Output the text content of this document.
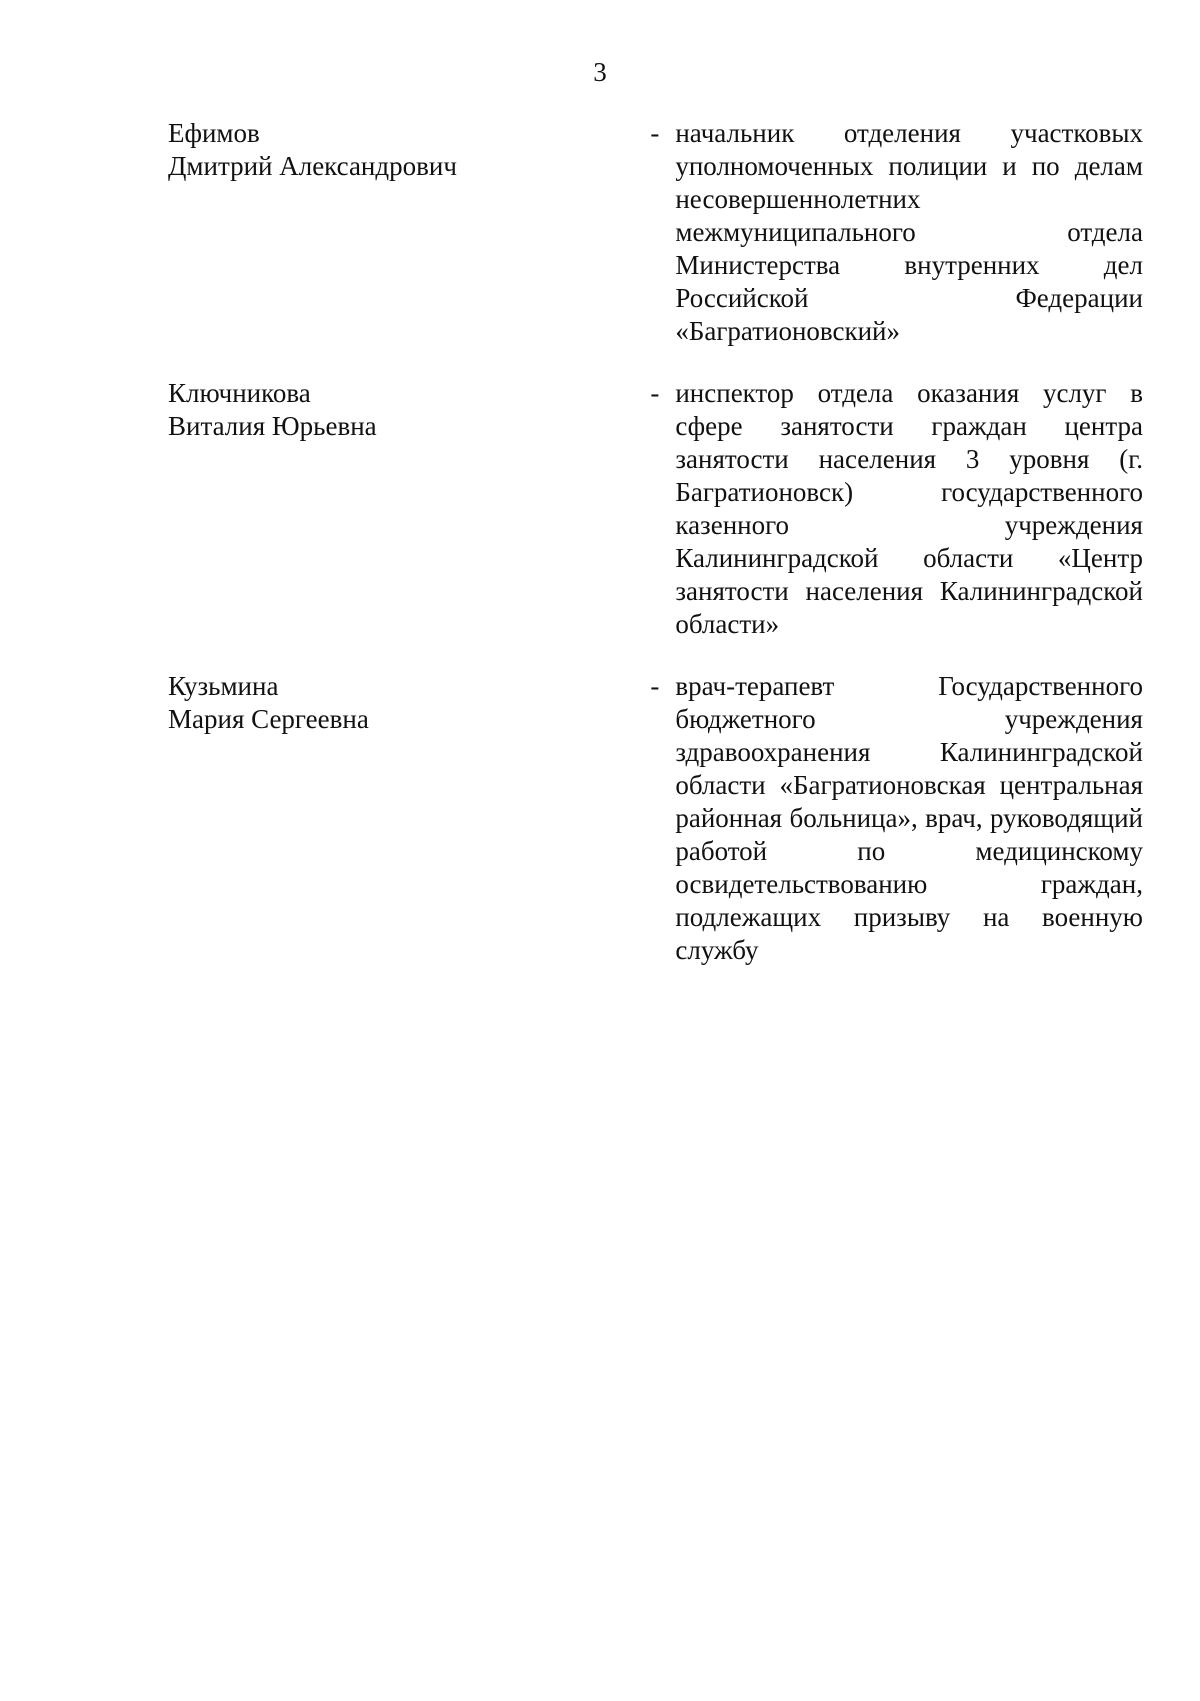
3
Ефимов
Дмитрий Александрович
- начальник отделения участковых уполномоченных полиции и по делам несовершеннолетних межмуниципального отдела Министерства внутренних дел Российской Федерации «Багратионовский»
Ключникова
Виталия Юрьевна
- инспектор отдела оказания услуг в сфере занятости граждан центра занятости населения 3 уровня (г. Багратионовск) государственного казенного учреждения Калининградской области «Центр занятости населения Калининградской области»
Кузьмина
Мария Сергеевна
- врач-терапевт Государственного бюджетного учреждения здравоохранения Калининградской области «Багратионовская центральная районная больница», врач, руководящий работой по медицинскому освидетельствованию граждан, подлежащих призыву на военную службу
